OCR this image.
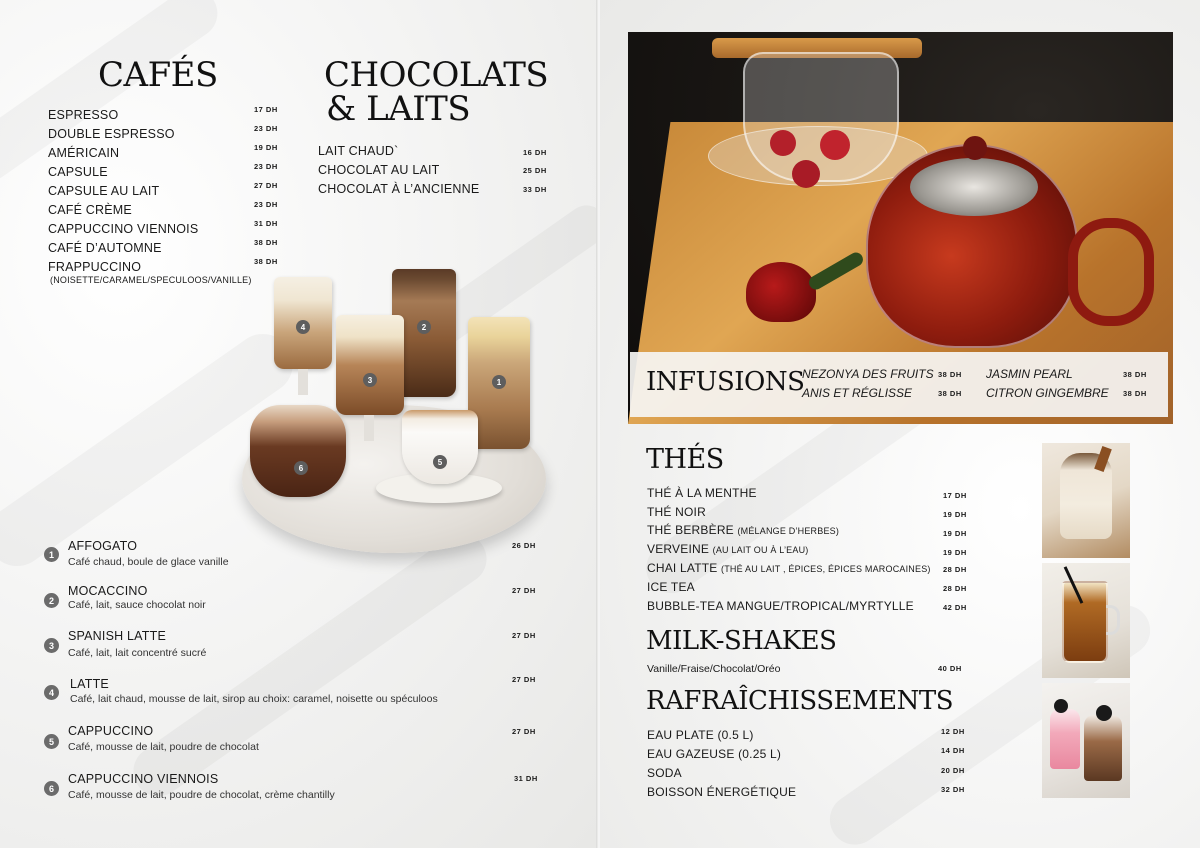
CAFÉS
ESPRESSO	17 DH
DOUBLE ESPRESSO	23 DH
AMÉRICAIN	19 DH
CAPSULE	23 DH
CAPSULE AU LAIT	27 DH
CAFÉ CRÈME	23 DH
CAPPUCCINO VIENNOIS	31 DH
CAFÉ D’AUTOMNE	38 DH
FRAPPUCCINO	38 DH
(NOISETTE/CARAMEL/SPECULOOS/VANILLE)
CHOCOLATS
& LAITS
LAIT CHAUD`	16 DH
CHOCOLAT AU LAIT	25 DH
CHOCOLAT À L’ANCIENNE	33 DH
4	2
1
3
5
6
1
AFFOGATO
Café chaud, boule de glace vanille
26 DH
2
MOCACCINO
Café, lait, sauce chocolat noir
27 DH
3
SPANISH LATTE
Café, lait, lait concentré sucré
27 DH
4
LATTE
Café, lait chaud, mousse de lait, sirop au choix: caramel, noisette ou spéculoos
27 DH
5
CAPPUCCINO
Café, mousse de lait, poudre de chocolat
27 DH
6
CAPPUCCINO VIENNOIS
Café, mousse de lait, poudre de chocolat, crème chantilly
31 DH
INFUSIONS
NEZONYA DES FRUITS 38 DH
ANIS ET RÉGLISSE	38 DH
JASMIN PEARL	38 DH
CITRON GINGEMBRE 38 DH
THÉS
THÉ À LA MENTHE	17 DH
THÉ NOIR	19 DH
THÉ BERBÈRE (MÉLANGE D’HERBES)	19 DH
VERVEINE (AU LAIT OU À L’EAU)	19 DH
CHAI LATTE (THÉ AU LAIT , ÉPICES, ÉPICES MAROCAINES) 28 DH
ICE TEA	28 DH
BUBBLE-TEA MANGUE/TROPICAL/MYRTYLLE	42 DH
MILK-SHAKES
Vanille/Fraise/Chocolat/Oréo	40 DH
RAFRAÎCHISSEMENTS
EAU PLATE (0.5 L)	12 DH
EAU GAZEUSE (0.25 L)	14 DH
SODA	20 DH
BOISSON ÉNERGÉTIQUE	32 DH
